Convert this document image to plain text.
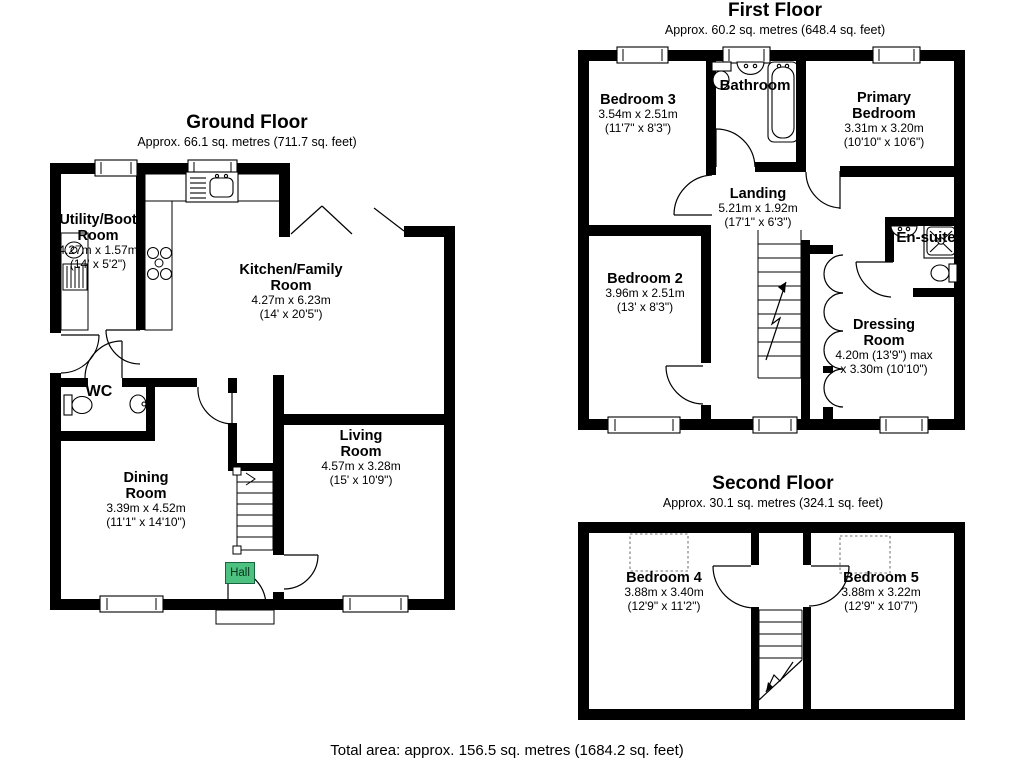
Ground Floor
Approx. 66.1 sq. metres (711.7 sq. feet)
First Floor
Approx. 60.2 sq. metres (648.4 sq. feet)
Second Floor
Approx. 30.1 sq. metres (324.1 sq. feet)
Utility/Boot Room
4.27m x 1.57m
(14' x 5'2")	Kitchen/Family Room
4.27m x 6.23m
(14' x 20'5")
WC
Dining Room
3.39m x 4.52m
(11'1" x 14'10")
Living Room
4.57m x 3.28m
(15' x 10'9")
Hall
Bedroom 3
3.54m x 2.51m
(11'7" x 8'3")
Bathroom
Primary Bedroom
3.31m x 3.20m
(10'10" x 10'6")
Landing
5.21m x 1.92m
(17'1" x 6'3")
Bedroom 2
3.96m x 2.51m
(13' x 8'3")
En-suite
Dressing Room
4.20m (13'9") max
x 3.30m (10'10")
Bedroom 4
3.88m x 3.40m
(12'9" x 11'2")
Bedroom 5
3.88m x 3.22m
(12'9" x 10'7")
Total area: approx. 156.5 sq. metres (1684.2 sq. feet)
